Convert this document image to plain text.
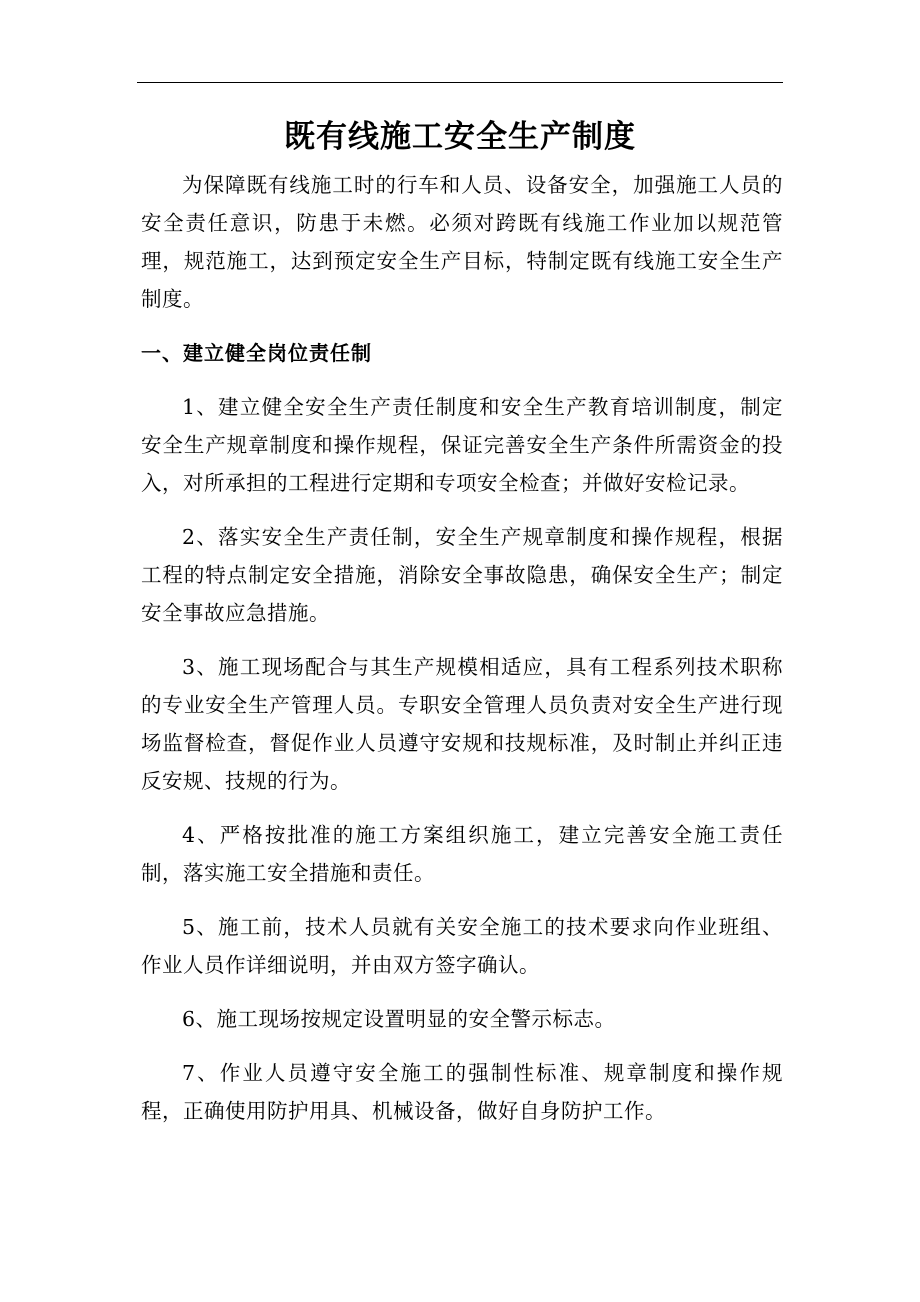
既有线施工安全生产制度

为保障既有线施工时的行车和人员、设备安全，加强施工人员的安全责任意识，防患于未燃。必须对跨既有线施工作业加以规范管理，规范施工，达到预定安全生产目标，特制定既有线施工安全生产制度。

一、建立健全岗位责任制

1、建立健全安全生产责任制度和安全生产教育培训制度，制定安全生产规章制度和操作规程，保证完善安全生产条件所需资金的投入，对所承担的工程进行定期和专项安全检查；并做好安检记录。

2、落实安全生产责任制，安全生产规章制度和操作规程，根据工程的特点制定安全措施，消除安全事故隐患，确保安全生产；制定安全事故应急措施。

3、施工现场配合与其生产规模相适应，具有工程系列技术职称的专业安全生产管理人员。专职安全管理人员负责对安全生产进行现场监督检查，督促作业人员遵守安规和技规标准，及时制止并纠正违反安规、技规的行为。

4、严格按批准的施工方案组织施工，建立完善安全施工责任制，落实施工安全措施和责任。

5、施工前，技术人员就有关安全施工的技术要求向作业班组、作业人员作详细说明，并由双方签字确认。

6、施工现场按规定设置明显的安全警示标志。

7、作业人员遵守安全施工的强制性标准、规章制度和操作规程，正确使用防护用具、机械设备，做好自身防护工作。
